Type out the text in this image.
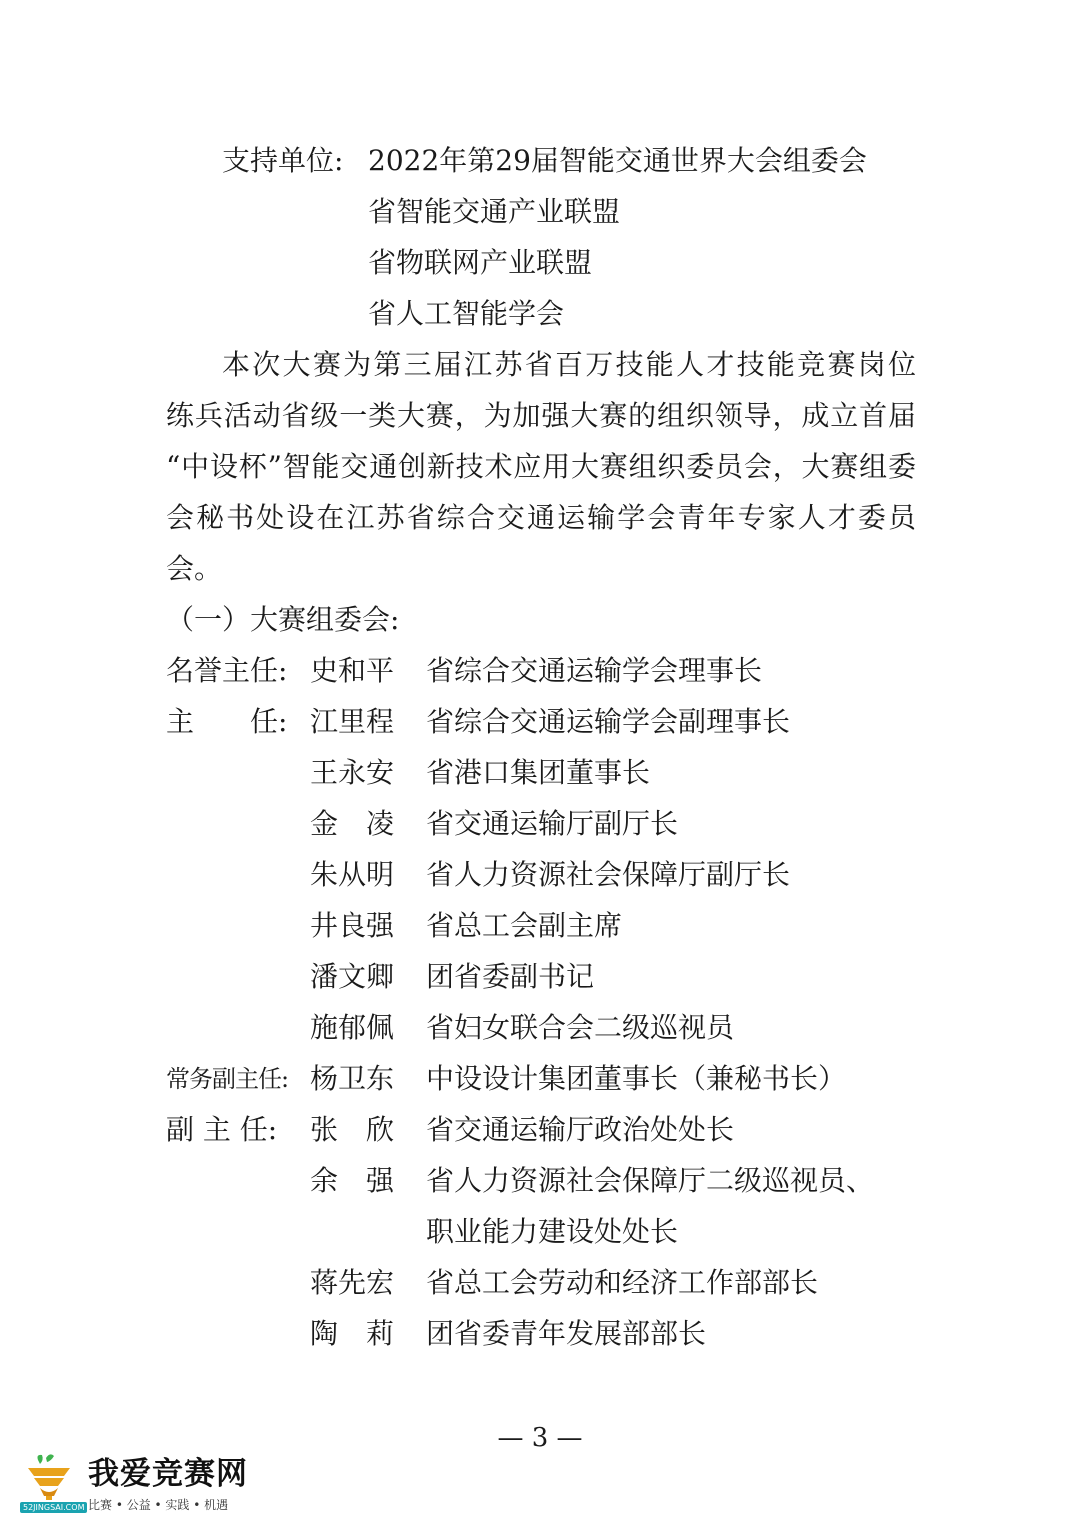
支持单位: 2022年第29届智能交通世界大会组委会
省智能交通产业联盟
省物联网产业联盟
省人工智能学会
本次大赛为第三届江苏省百万技能人才技能竞赛岗位
练兵活动省级一类大赛，为加强大赛的组织领导，成立首届
“中设杯”智能交通创新技术应用大赛组织委员会，大赛组委
会秘书处设在江苏省综合交通运输学会青年专家人才委员
会。
（一）大赛组委会:
名誉主任: 史和平 省综合交通运输学会理事长
主　　任: 江里程 省综合交通运输学会副理事长
王永安 省港口集团董事长
金　凌 省交通运输厅副厅长
朱从明 省人力资源社会保障厅副厅长
井良强 省总工会副主席
潘文卿 团省委副书记
施郁佩 省妇女联合会二级巡视员
常务副主任: 杨卫东 中设设计集团董事长（兼秘书长）
副 主 任: 张　欣 省交通运输厅政治处处长
余　强 省人力资源社会保障厅二级巡视员、
职业能力建设处处长
蒋先宏 省总工会劳动和经济工作部部长
陶　莉 团省委青年发展部部长
— 3 —
52JINGSAI.COM
我爱竞赛网
比赛 • 公益 • 实践 • 机遇
